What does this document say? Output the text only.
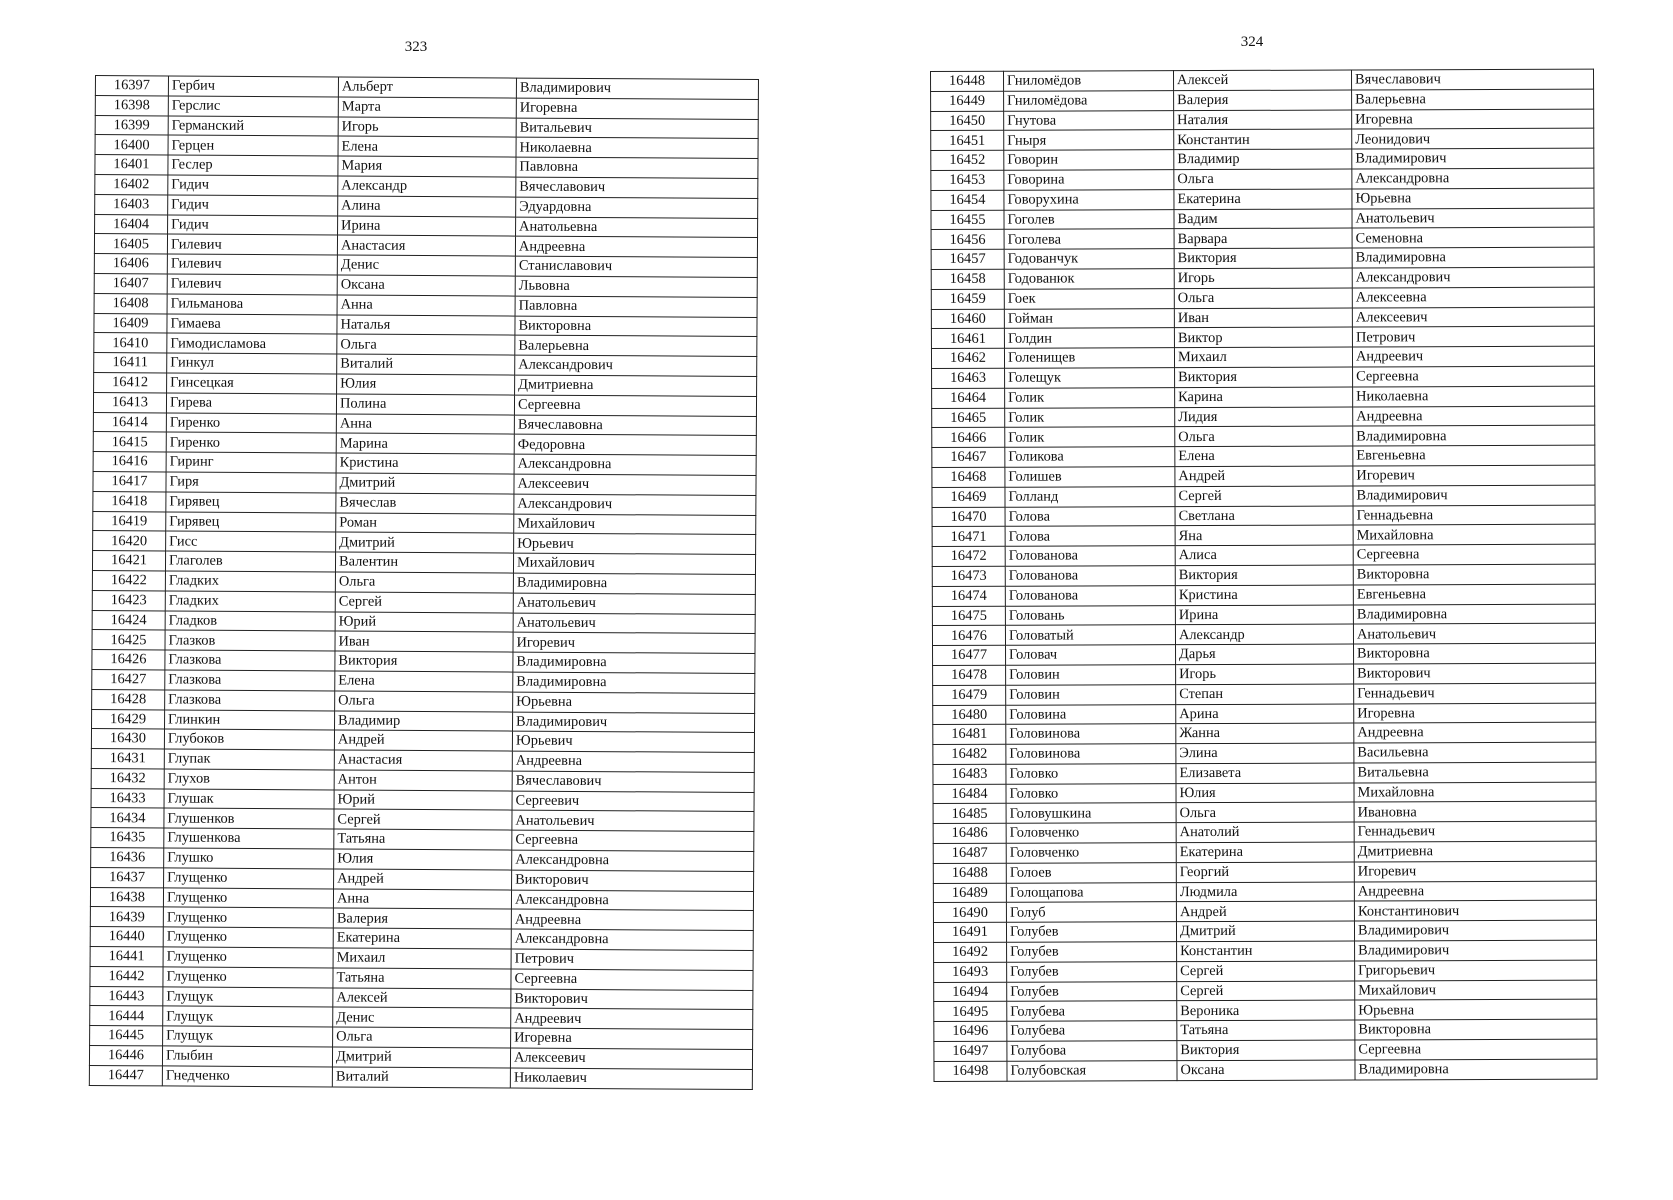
323	324
16397	Гербич	Альберт	Владимирович
16398	Герслис	Марта	Игоревна
16399	Германский	Игорь	Витальевич
16400	Герцен	Елена	Николаевна
16401	Геслер	Мария	Павловна
16402	Гидич	Александр	Вячеславович
16403	Гидич	Алина	Эдуардовна
16404	Гидич	Ирина	Анатольевна
16405	Гилевич	Анастасия	Андреевна
16406	Гилевич	Денис	Станиславович
16407	Гилевич	Оксана	Львовна
16408	Гильманова	Анна	Павловна
16409	Гимаева	Наталья	Викторовна
16410	Гимодисламова	Ольга	Валерьевна
16411	Гинкул	Виталий	Александрович
16412	Гинсецкая	Юлия	Дмитриевна
16413	Гирева	Полина	Сергеевна
16414	Гиренко	Анна	Вячеславовна
16415	Гиренко	Марина	Федоровна
16416	Гиринг	Кристина	Александровна
16417	Гиря	Дмитрий	Алексеевич
16418	Гирявец	Вячеслав	Александрович
16419	Гирявец	Роман	Михайлович
16420	Гисс	Дмитрий	Юрьевич
16421	Глаголев	Валентин	Михайлович
16422	Гладких	Ольга	Владимировна
16423	Гладких	Сергей	Анатольевич
16424	Гладков	Юрий	Анатольевич
16425	Глазков	Иван	Игоревич
16426	Глазкова	Виктория	Владимировна
16427	Глазкова	Елена	Владимировна
16428	Глазкова	Ольга	Юрьевна
16429	Глинкин	Владимир	Владимирович
16430	Глубоков	Андрей	Юрьевич
16431	Глупак	Анастасия	Андреевна
16432	Глухов	Антон	Вячеславович
16433	Глушак	Юрий	Сергеевич
16434	Глушенков	Сергей	Анатольевич
16435	Глушенкова	Татьяна	Сергеевна
16436	Глушко	Юлия	Александровна
16437	Глущенко	Андрей	Викторович
16438	Глущенко	Анна	Александровна
16439	Глущенко	Валерия	Андреевна
16440	Глущенко	Екатерина	Александровна
16441	Глущенко	Михаил	Петрович
16442	Глущенко	Татьяна	Сергеевна
16443	Глущук	Алексей	Викторович
16444	Глущук	Денис	Андреевич
16445	Глущук	Ольга	Игоревна
16446	Глыбин	Дмитрий	Алексеевич
16447	Гнедченко	Виталий	Николаевич
16448	Гниломёдов	Алексей	Вячеславович
16449	Гниломёдова	Валерия	Валерьевна
16450	Гнутова	Наталия	Игоревна
16451	Гныря	Константин	Леонидович
16452	Говорин	Владимир	Владимирович
16453	Говорина	Ольга	Александровна
16454	Говорухина	Екатерина	Юрьевна
16455	Гоголев	Вадим	Анатольевич
16456	Гоголева	Варвара	Семеновна
16457	Годованчук	Виктория	Владимировна
16458	Годованюк	Игорь	Александрович
16459	Гоек	Ольга	Алексеевна
16460	Гойман	Иван	Алексеевич
16461	Голдин	Виктор	Петрович
16462	Голенищев	Михаил	Андреевич
16463	Голещук	Виктория	Сергеевна
16464	Голик	Карина	Николаевна
16465	Голик	Лидия	Андреевна
16466	Голик	Ольга	Владимировна
16467	Голикова	Елена	Евгеньевна
16468	Голишев	Андрей	Игоревич
16469	Голланд	Сергей	Владимирович
16470	Голова	Светлана	Геннадьевна
16471	Голова	Яна	Михайловна
16472	Голованова	Алиса	Сергеевна
16473	Голованова	Виктория	Викторовна
16474	Голованова	Кристина	Евгеньевна
16475	Головань	Ирина	Владимировна
16476	Головатый	Александр	Анатольевич
16477	Головач	Дарья	Викторовна
16478	Головин	Игорь	Викторович
16479	Головин	Степан	Геннадьевич
16480	Головина	Арина	Игоревна
16481	Головинова	Жанна	Андреевна
16482	Головинова	Элина	Васильевна
16483	Головко	Елизавета	Витальевна
16484	Головко	Юлия	Михайловна
16485	Головушкина	Ольга	Ивановна
16486	Головченко	Анатолий	Геннадьевич
16487	Головченко	Екатерина	Дмитриевна
16488	Голоев	Георгий	Игоревич
16489	Голощапова	Людмила	Андреевна
16490	Голуб	Андрей	Константинович
16491	Голубев	Дмитрий	Владимирович
16492	Голубев	Константин	Владимирович
16493	Голубев	Сергей	Григорьевич
16494	Голубев	Сергей	Михайлович
16495	Голубева	Вероника	Юрьевна
16496	Голубева	Татьяна	Викторовна
16497	Голубова	Виктория	Сергеевна
16498	Голубовская	Оксана	Владимировна
